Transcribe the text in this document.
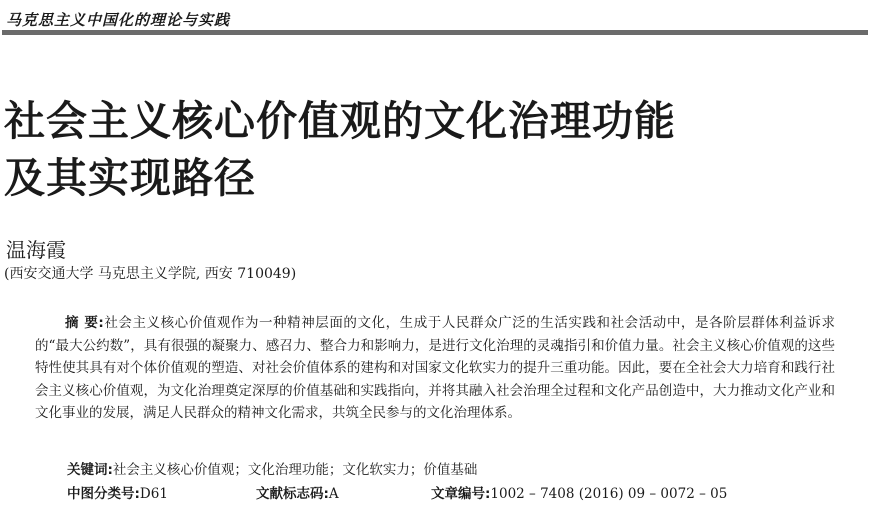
马克思主义中国化的理论与实践
社会主义核心价值观的文化治理功能
及其实现路径
温海霞
(西安交通大学 马克思主义学院, 西安 710049)
摘 要:社会主义核心价值观作为一种精神层面的文化，生成于人民群众广泛的生活实践和社会活动中，是各阶层群体利益诉求的“最大公约数”，具有很强的凝聚力、感召力、整合力和影响力，是进行文化治理的灵魂指引和价值力量。社会主义核心价值观的这些特性使其具有对个体价值观的塑造、对社会价值体系的建构和对国家文化软实力的提升三重功能。因此，要在全社会大力培育和践行社会主义核心价值观，为文化治理奠定深厚的价值基础和实践指向，并将其融入社会治理全过程和文化产品创造中，大力推动文化产业和文化事业的发展，满足人民群众的精神文化需求，共筑全民参与的文化治理体系。
关键词:社会主义核心价值观；文化治理功能；文化软实力；价值基础
中图分类号:D61	文献标志码:A	文章编号:1002 – 7408 (2016) 09 – 0072 – 05
